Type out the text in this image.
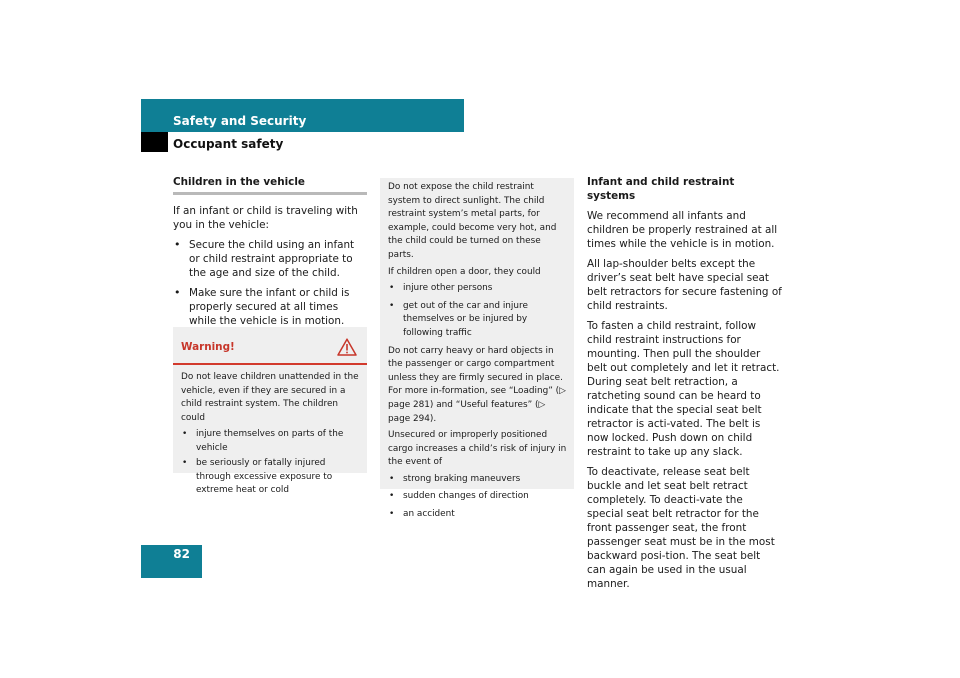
Safety and Security
Occupant safety
82
Children in the vehicle

If an infant or child is traveling with you in the vehicle:

• Secure the child using an infant or child restraint appropriate to the age and size of the child.
• Make sure the infant or child is properly secured at all times while the vehicle is in motion.
Warning!

Do not leave children unattended in the vehicle, even if they are secured in a child restraint system. The children could

• injure themselves on parts of the vehicle
• be seriously or fatally injured through excessive exposure to extreme heat or cold

Do not expose the child restraint system to direct sunlight. The child restraint system’s metal parts, for example, could become very hot, and the child could be turned on these parts.

If children open a door, they could

• injure other persons
• get out of the car and injure themselves or be injured by following traffic

Do not carry heavy or hard objects in the passenger or cargo compartment unless they are firmly secured in place. For more in-formation, see “Loading” (▷ page 281) and “Useful features” (▷ page 294).

Unsecured or improperly positioned cargo increases a child’s risk of injury in the event of

• strong braking maneuvers
• sudden changes of direction
• an accident
Infant and child restraint systems

We recommend all infants and children be properly restrained at all times while the vehicle is in motion.

All lap-shoulder belts except the driver’s seat belt have special seat belt retractors for secure fastening of child restraints.

To fasten a child restraint, follow child restraint instructions for mounting. Then pull the shoulder belt out completely and let it retract. During seat belt retraction, a ratcheting sound can be heard to indicate that the special seat belt retractor is acti-vated. The belt is now locked. Push down on child restraint to take up any slack.

To deactivate, release seat belt buckle and let seat belt retract completely. To deacti-vate the special seat belt retractor for the front passenger seat, the front passenger seat must be in the most backward posi-tion. The seat belt can again be used in the usual manner.
